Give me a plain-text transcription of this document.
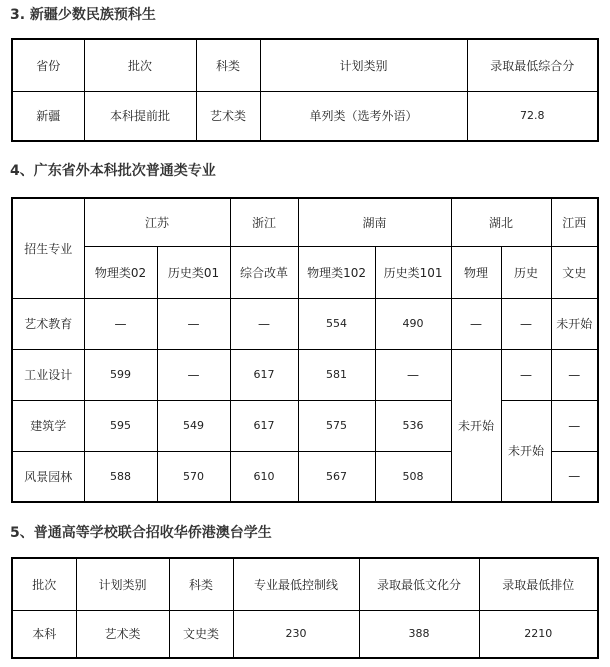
3. 新疆少数民族预科生
省份	批次	科类	计划类别	录取最低综合分
新疆	本科提前批	艺术类	单列类（选考外语）	72.8
4、广东省外本科批次普通类专业
招生专业	江苏		浙江	湖南		湖北		江西
	物理类02	历史类01	综合改革	物理类102	历史类101	物理	历史	文史
艺术教育	—	—	—	554	490	—	—	未开始
工业设计	599	—	617	581	—	未开始	—	—
建筑学	595	549	617	575	536		未开始	—
风景园林	588	570	610	567	508			—
5、普通高等学校联合招收华侨港澳台学生
批次	计划类别	科类	专业最低控制线	录取最低文化分	录取最低排位
本科	艺术类	文史类	230	388	2210
